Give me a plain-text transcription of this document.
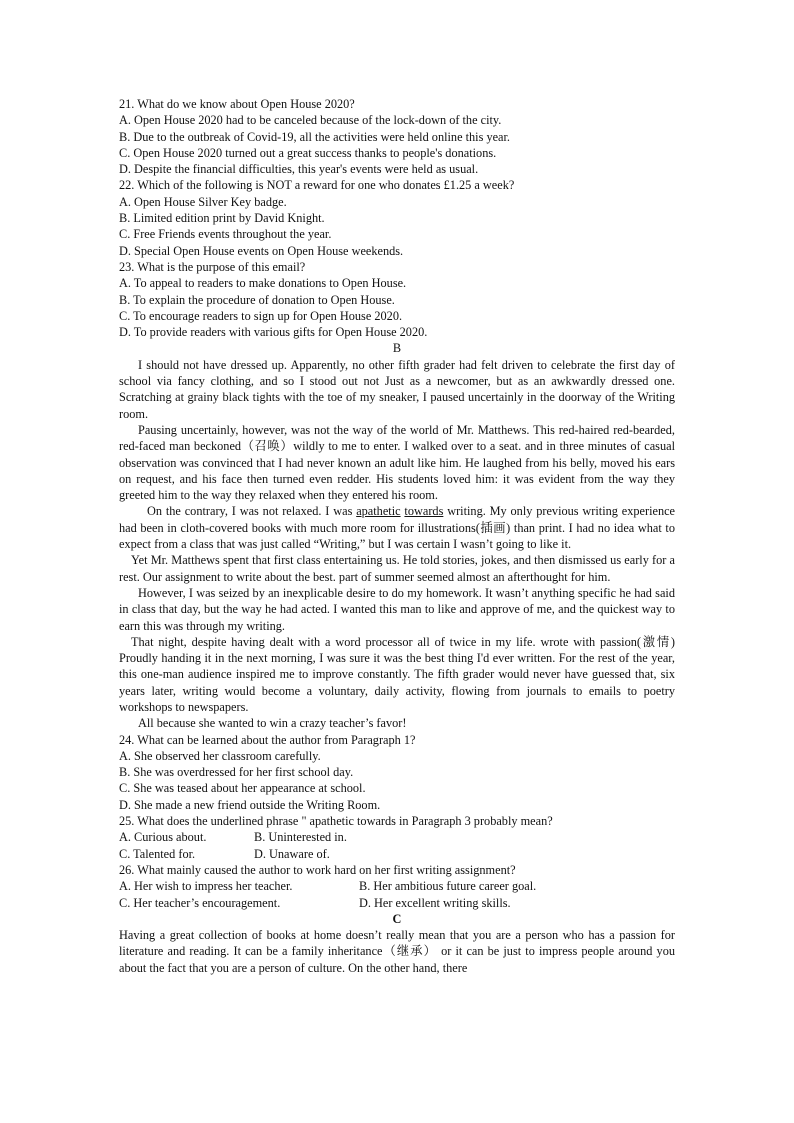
21. What do we know about Open House 2020?
A. Open House 2020 had to be canceled because of the lock-down of the city.
B. Due to the outbreak of Covid-19, all the activities were held online this year.
C. Open House 2020 turned out a great success thanks to people's donations.
D. Despite the financial difficulties, this year's events were held as usual.
22. Which of the following is NOT a reward for one who donates £1.25 a week?
A. Open House Silver Key badge.
B. Limited edition print by David Knight.
C. Free Friends events throughout the year.
D. Special Open House events on Open House weekends.
23. What is the purpose of this email?
A. To appeal to readers to make donations to Open House.
B. To explain the procedure of donation to Open House.
C. To encourage readers to sign up for Open House 2020.
D. To provide readers with various gifts for Open House 2020.
B

I should not have dressed up. Apparently, no other fifth grader had felt driven to celebrate the first day of school via fancy clothing, and so I stood out not Just as a newcomer, but as an awkwardly dressed one. Scratching at grainy black tights with the toe of my sneaker, I paused uncertainly in the doorway of the Writing room.

Pausing uncertainly, however, was not the way of the world of Mr. Matthews. This red-haired red-bearded, red-faced man beckoned（召唤）wildly to me to enter. I walked over to a seat. and in three minutes of casual observation was convinced that I had never known an adult like him. He laughed from his belly, moved his ears on request, and his face then turned even redder. His students loved him: it was evident from the way they greeted him to the way they relaxed when they entered his room.

On the contrary, I was not relaxed. I was apathetic towards writing. My only previous writing experience had been in cloth-covered books with much more room for illustrations(插画) than print. I had no idea what to expect from a class that was just called “Writing,” but I was certain I wasn’t going to like it.

Yet Mr. Matthews spent that first class entertaining us. He told stories, jokes, and then dismissed us early for a rest. Our assignment to write about the best. part of summer seemed almost an afterthought for him.

However, I was seized by an inexplicable desire to do my homework. It wasn’t anything specific he had said in class that day, but the way he had acted. I wanted this man to like and approve of me, and the quickest way to earn this was through my writing.

That night, despite having dealt with a word processor all of twice in my life. wrote with passion(激情) Proudly handing it in the next morning, I was sure it was the best thing I'd ever written. For the rest of the year, this one-man audience inspired me to improve constantly. The fifth grader would never have guessed that, six years later, writing would become a voluntary, daily activity, flowing from journals to emails to poetry workshops to newspapers.

All because she wanted to win a crazy teacher’s favor!

24. What can be learned about the author from Paragraph 1?
A. She observed her classroom carefully.
B. She was overdressed for her first school day.
C. She was teased about her appearance at school.
D. She made a new friend outside the Writing Room.
25. What does the underlined phrase " apathetic towards in Paragraph 3 probably mean?
A. Curious about.	B. Uninterested in.
C. Talented for.	D. Unaware of.
26. What mainly caused the author to work hard on her first writing assignment?
A. Her wish to impress her teacher.	B. Her ambitious future career goal.
C. Her teacher’s encouragement.	D. Her excellent writing skills.
C

Having a great collection of books at home doesn’t really mean that you are a person who has a passion for literature and reading. It can be a family inheritance（继承） or it can be just to impress people around you about the fact that you are a person of culture. On the other hand, there
